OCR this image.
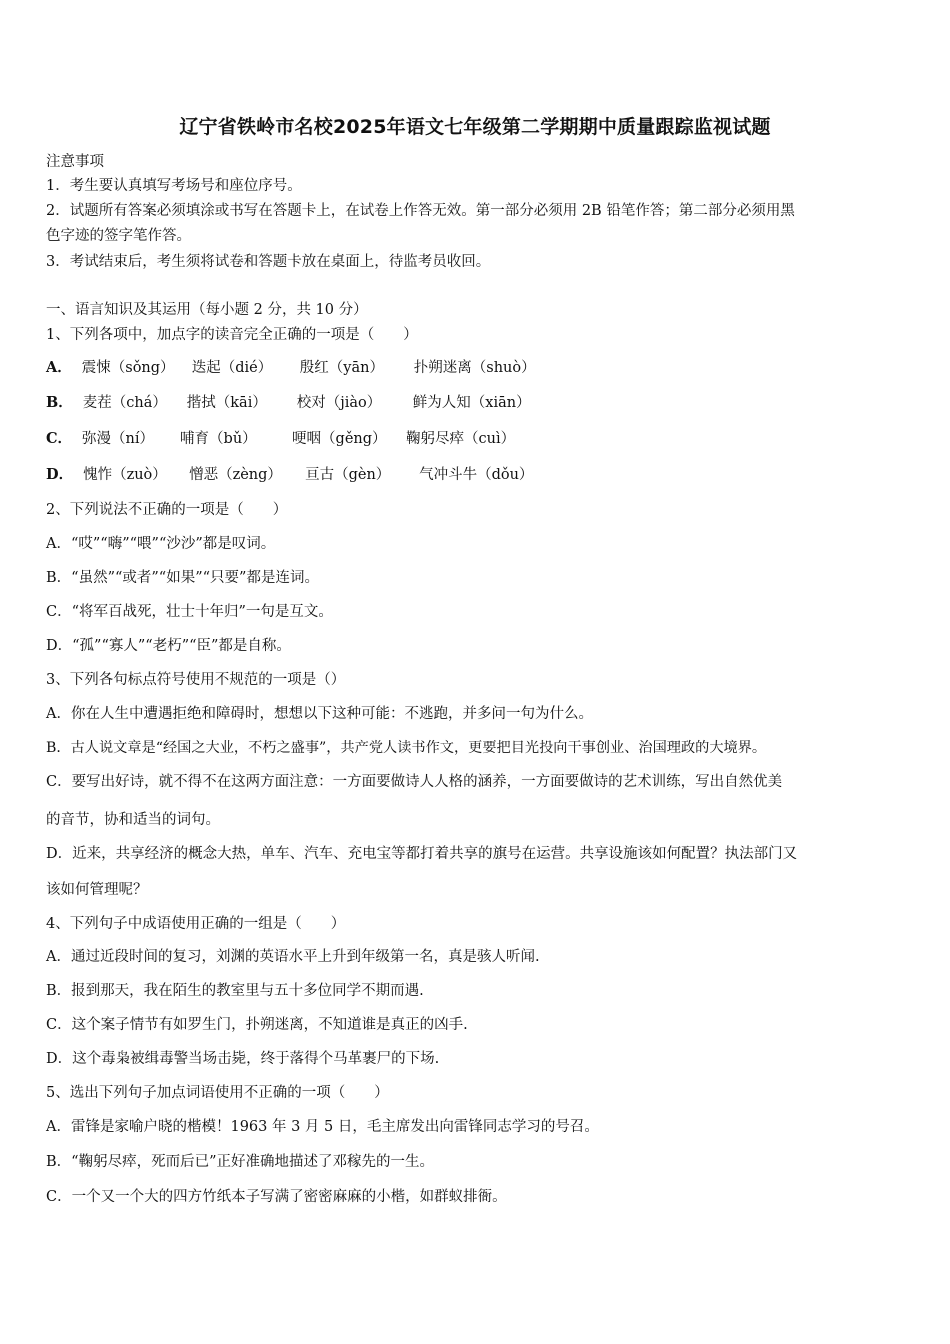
辽宁省铁岭市名校2025年语文七年级第二学期期中质量跟踪监视试题
注意事项
1．考生要认真填写考场号和座位序号。
2．试题所有答案必须填涂或书写在答题卡上，在试卷上作答无效。第一部分必须用 2B 铅笔作答；第二部分必须用黑
色字迹的签字笔作答。
3．考试结束后，考生须将试卷和答题卡放在桌面上，待监考员收回。
一、语言知识及其运用（每小题 2 分，共 10 分）
1、下列各项中，加点字的读音完全正确的一项是（　　）
A． 震悚（sǒng） 迭起（dié） 殷红（yān） 扑朔迷离（shuò）
B． 麦茬（chá） 揩拭（kāi） 校对（jiào） 鲜为人知（xiān）
C． 弥漫（ní） 哺育（bǔ） 哽咽（gěng） 鞠躬尽瘁（cuì）
D． 愧怍（zuò） 憎恶（zèng） 亘古（gèn） 气冲斗牛（dǒu）
2、下列说法不正确的一项是（　　）
A．“哎”“嗨”“喂”“沙沙”都是叹词。
B．“虽然”“或者”“如果”“只要”都是连词。
C．“将军百战死，壮士十年归”一句是互文。
D．“孤”“寡人”“老朽”“臣”都是自称。
3、下列各句标点符号使用不规范的一项是（）
A．你在人生中遭遇拒绝和障碍时，想想以下这种可能：不逃跑，并多问一句为什么。
B．古人说文章是“经国之大业，不朽之盛事”，共产党人读书作文，更要把目光投向干事创业、治国理政的大境界。
C．要写出好诗，就不得不在这两方面注意：一方面要做诗人人格的涵养，一方面要做诗的艺术训练，写出自然优美
的音节，协和适当的词句。
D．近来，共享经济的概念大热，单车、汽车、充电宝等都打着共享的旗号在运营。共享设施该如何配置？执法部门又
该如何管理呢？
4、下列句子中成语使用正确的一组是（　　）
A．通过近段时间的复习，刘渊的英语水平上升到年级第一名，真是骇人听闻.
B．报到那天，我在陌生的教室里与五十多位同学不期而遇.
C．这个案子情节有如罗生门，扑朔迷离，不知道谁是真正的凶手.
D．这个毒枭被缉毒警当场击毙，终于落得个马革裹尸的下场.
5、选出下列句子加点词语使用不正确的一项（　　）
A．雷锋是家喻户晓的楷模！1963 年 3 月 5 日，毛主席发出向雷锋同志学习的号召。
B．“鞠躬尽瘁，死而后已”正好准确地描述了邓稼先的一生。
C．一个又一个大的四方竹纸本子写满了密密麻麻的小楷，如群蚁排衙。
